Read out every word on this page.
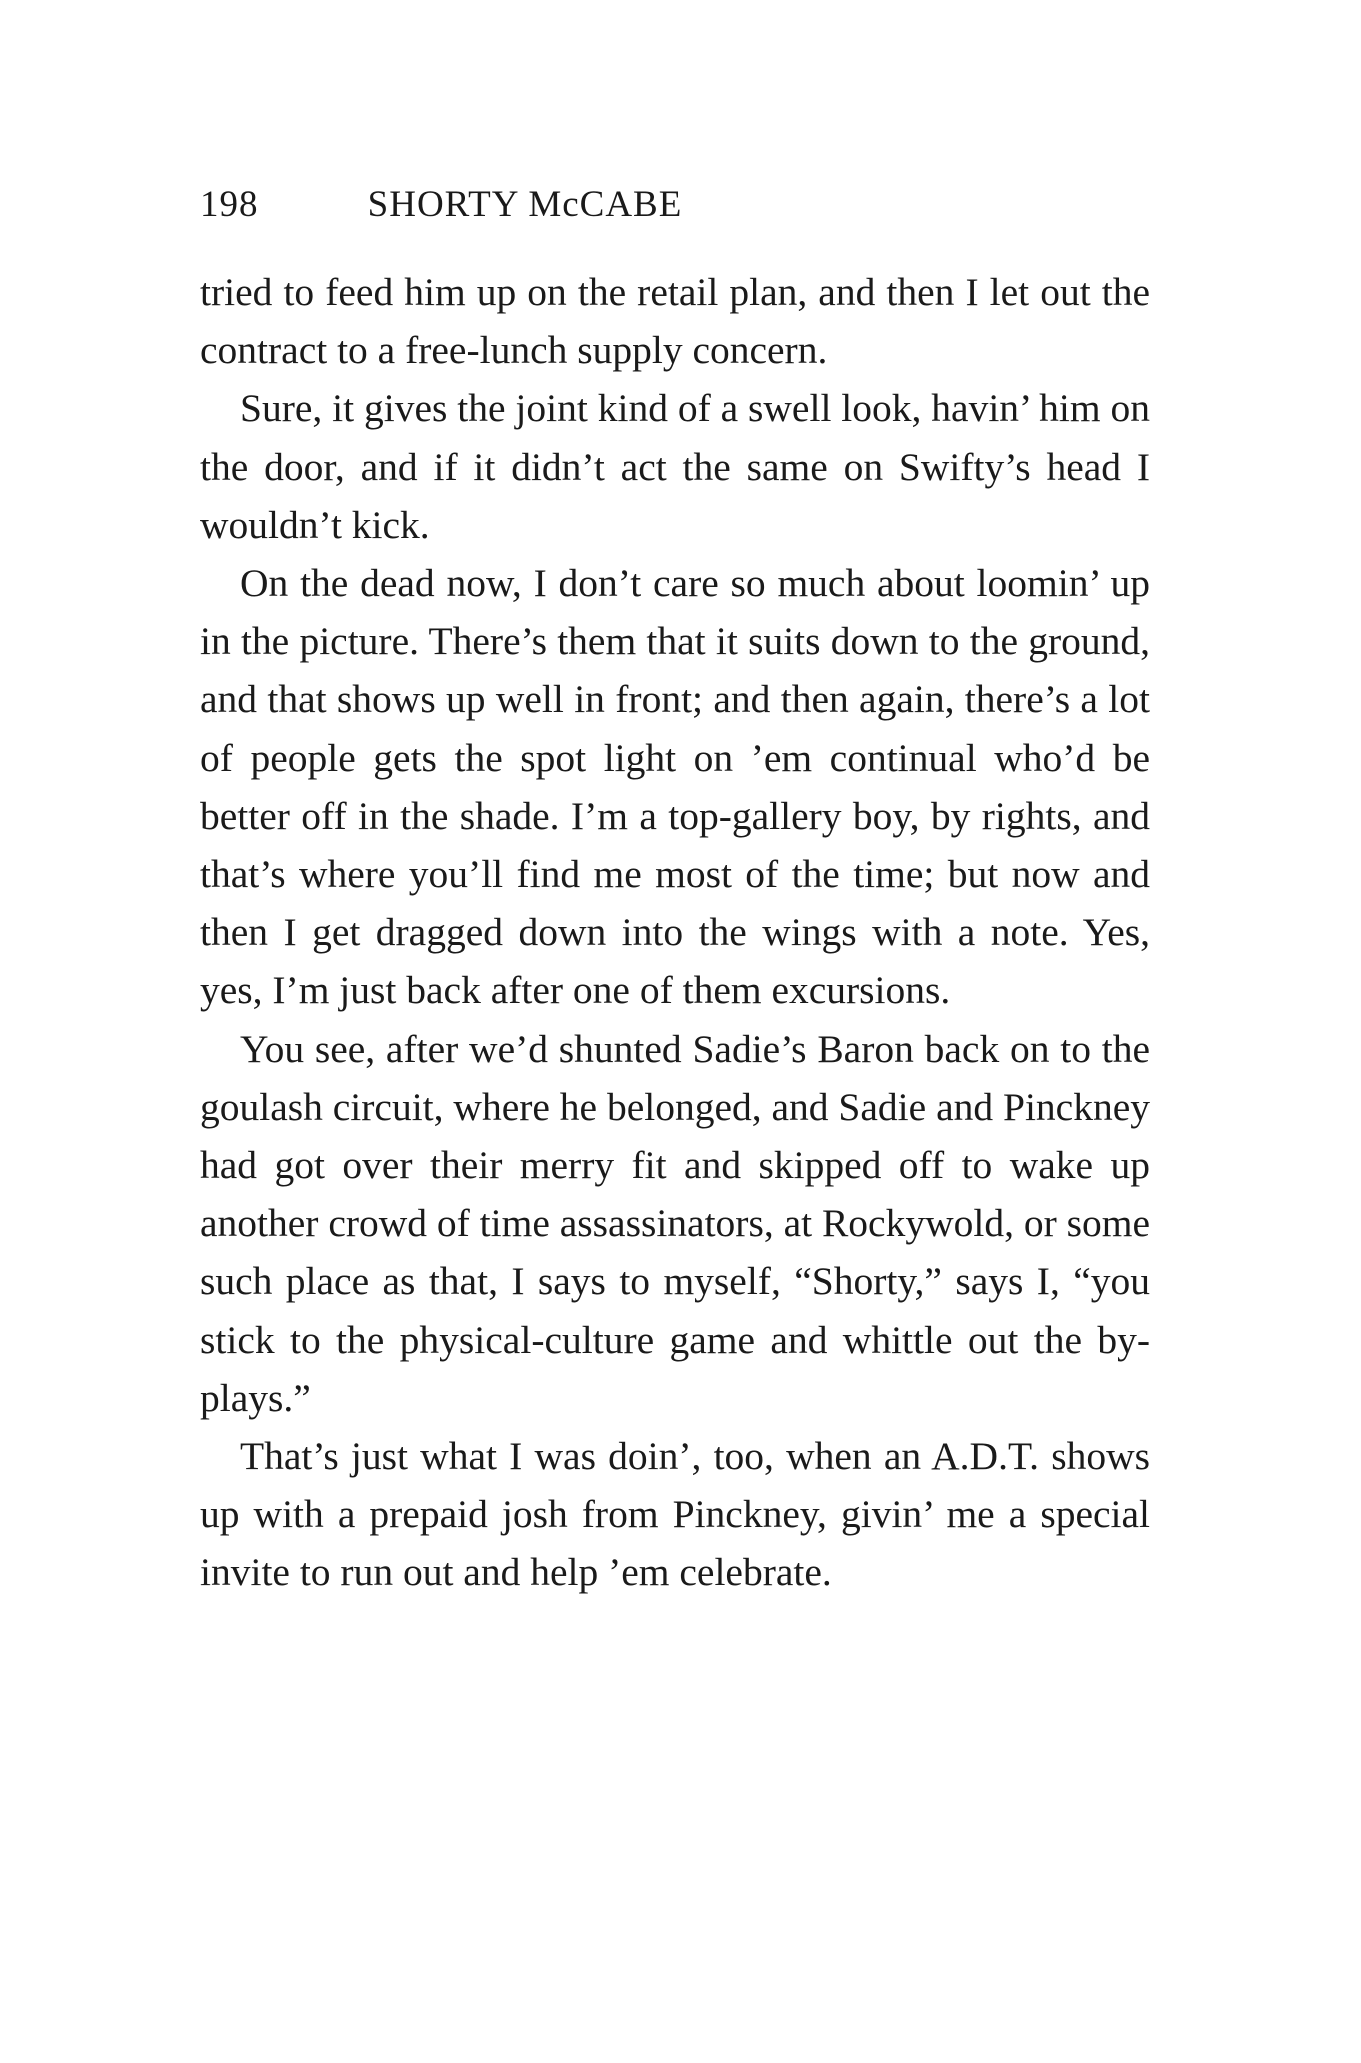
198	SHORTY McCABE

tried to feed him up on the retail plan, and then I let out the contract to a free-lunch supply concern.

Sure, it gives the joint kind of a swell look, havin’ him on the door, and if it didn’t act the same on Swifty’s head I wouldn’t kick.

On the dead now, I don’t care so much about loomin’ up in the picture. There’s them that it suits down to the ground, and that shows up well in front; and then again, there’s a lot of people gets the spot light on ’em continual who’d be better off in the shade. I’m a top-gallery boy, by rights, and that’s where you’ll find me most of the time; but now and then I get dragged down into the wings with a note. Yes, yes, I’m just back after one of them excursions.

You see, after we’d shunted Sadie’s Baron back on to the goulash circuit, where he belonged, and Sadie and Pinckney had got over their merry fit and skipped off to wake up another crowd of time assassinators, at Rockywold, or some such place as that, I says to myself, “Shorty,” says I, “you stick to the physical-culture game and whittle out the by-plays.”

That’s just what I was doin’, too, when an A.D.T. shows up with a prepaid josh from Pinckney, givin’ me a special invite to run out and help ’em celebrate.
